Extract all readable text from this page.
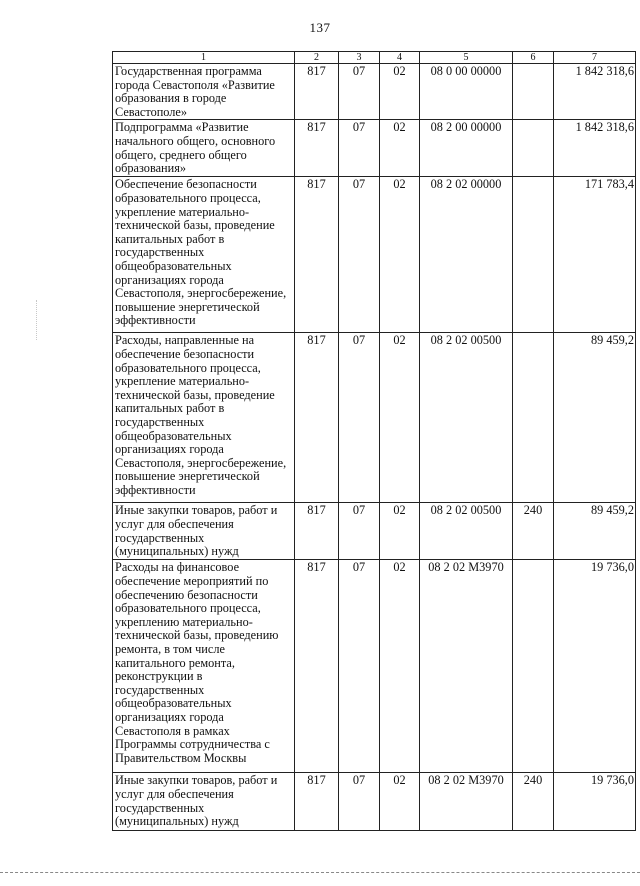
137
1	2	3	4	5	6	7
Государственная программа города Севастополя «Развитие образования в городе Севастополе»	817	07	02	08 0 00 00000		1 842 318,6
Подпрограмма «Развитие начального общего, основного общего, среднего общего образования»	817	07	02	08 2 00 00000		1 842 318,6
Обеспечение безопасности образовательного процесса, укрепление материально-технической базы, проведение капитальных работ в государственных общеобразовательных организациях города Севастополя, энергосбережение, повышение энергетической эффективности	817	07	02	08 2 02 00000		171 783,4
Расходы, направленные на обеспечение безопасности образовательного процесса, укрепление материально-технической базы, проведение капитальных работ в государственных общеобразовательных организациях города Севастополя, энергосбережение, повышение энергетической эффективности	817	07	02	08 2 02 00500		89 459,2
Иные закупки товаров, работ и услуг для обеспечения государственных (муниципальных) нужд	817	07	02	08 2 02 00500	240	89 459,2
Расходы на финансовое обеспечение мероприятий по обеспечению безопасности образовательного процесса, укреплению материально-технической базы, проведению ремонта, в том числе капитального ремонта, реконструкции в государственных общеобразовательных организациях города Севастополя в рамках Программы сотрудничества с Правительством Москвы	817	07	02	08 2 02 М3970		19 736,0
Иные закупки товаров, работ и услуг для обеспечения государственных (муниципальных) нужд	817	07	02	08 2 02 М3970	240	19 736,0
